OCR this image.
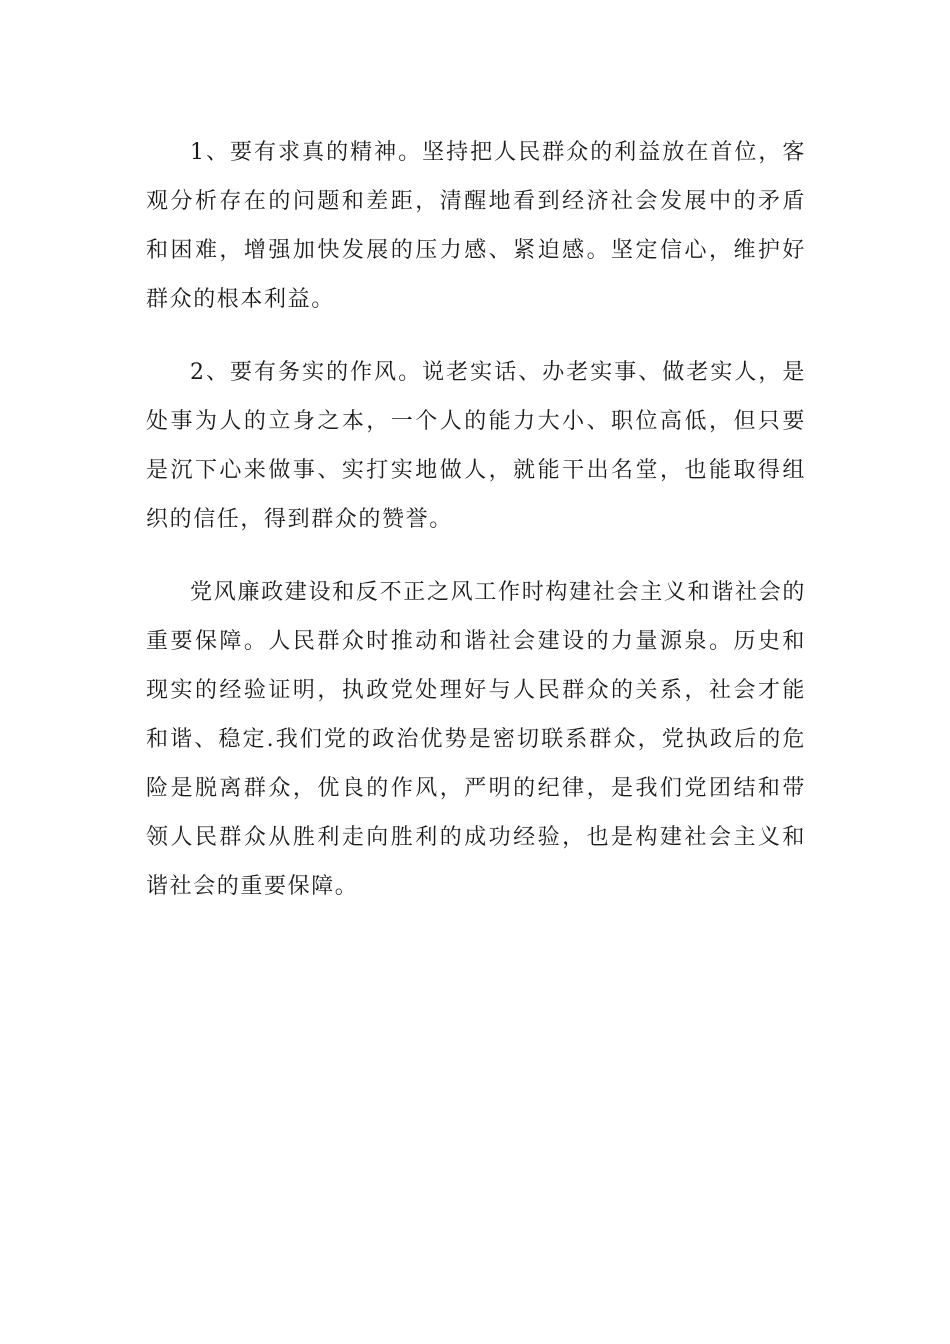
1、要有求真的精神。坚持把人民群众的利益放在首位，客观分析存在的问题和差距，清醒地看到经济社会发展中的矛盾和困难，增强加快发展的压力感、紧迫感。坚定信心，维护好群众的根本利益。

2、要有务实的作风。说老实话、办老实事、做老实人，是处事为人的立身之本，一个人的能力大小、职位高低，但只要是沉下心来做事、实打实地做人，就能干出名堂，也能取得组织的信任，得到群众的赞誉。

党风廉政建设和反不正之风工作时构建社会主义和谐社会的重要保障。人民群众时推动和谐社会建设的力量源泉。历史和现实的经验证明，执政党处理好与人民群众的关系，社会才能和谐、稳定.我们党的政治优势是密切联系群众，党执政后的危险是脱离群众，优良的作风，严明的纪律，是我们党团结和带领人民群众从胜利走向胜利的成功经验，也是构建社会主义和谐社会的重要保障。
